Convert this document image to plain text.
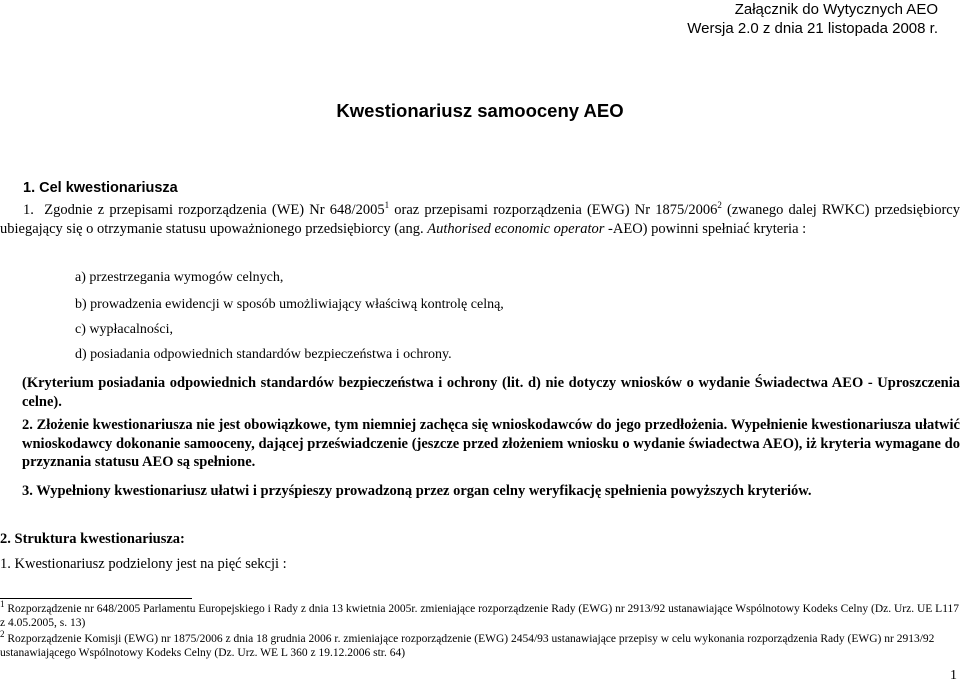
Załącznik do Wytycznych AEO
Wersja 2.0 z dnia 21 listopada 2008 r.
Kwestionariusz samooceny AEO
1. Cel kwestionariusza
1. Zgodnie z przepisami rozporządzenia (WE) Nr 648/2005$^1$ oraz przepisami rozporządzenia (EWG) Nr 1875/2006$^2$ (zwanego dalej RWKC) przedsiębiorcy ubiegający się o otrzymanie statusu upoważnionego przedsiębiorcy (ang. Authorised economic operator -AEO) powinni spełniać kryteria :
a) przestrzegania wymogów celnych,
b) prowadzenia ewidencji w sposób umożliwiający właściwą kontrolę celną,
c) wypłacalności,
d) posiadania odpowiednich standardów bezpieczeństwa i ochrony.
(Kryterium posiadania odpowiednich standardów bezpieczeństwa i ochrony (lit. d) nie dotyczy wniosków o wydanie Świadectwa AEO - Uproszczenia celne).
2. Złożenie kwestionariusza nie jest obowiązkowe, tym niemniej zachęca się wnioskodawców do jego przedłożenia. Wypełnienie kwestionariusza ułatwić wnioskodawcy dokonanie samooceny, dającej przeświadczenie (jeszcze przed złożeniem wniosku o wydanie świadectwa AEO), iż kryteria wymagane do przyznania statusu AEO są spełnione.
3. Wypełniony kwestionariusz ułatwi i przyśpieszy prowadzoną przez organ celny weryfikację spełnienia powyższych kryteriów.
2. Struktura kwestionariusza:
1. Kwestionariusz podzielony jest na pięć sekcji :
$^1$ Rozporządzenie nr 648/2005 Parlamentu Europejskiego i Rady z dnia 13 kwietnia 2005r. zmieniające rozporządzenie Rady (EWG) nr 2913/92 ustanawiające Wspólnotowy Kodeks Celny (Dz. Urz. UE L117 z 4.05.2005, s. 13)
$^2$ Rozporządzenie Komisji (EWG) nr 1875/2006 z dnia 18 grudnia 2006 r. zmieniające rozporządzenie (EWG) 2454/93 ustanawiające przepisy w celu wykonania rozporządzenia Rady (EWG) nr 2913/92 ustanawiającego Wspólnotowy Kodeks Celny (Dz. Urz. WE L 360 z 19.12.2006 str. 64)
1
